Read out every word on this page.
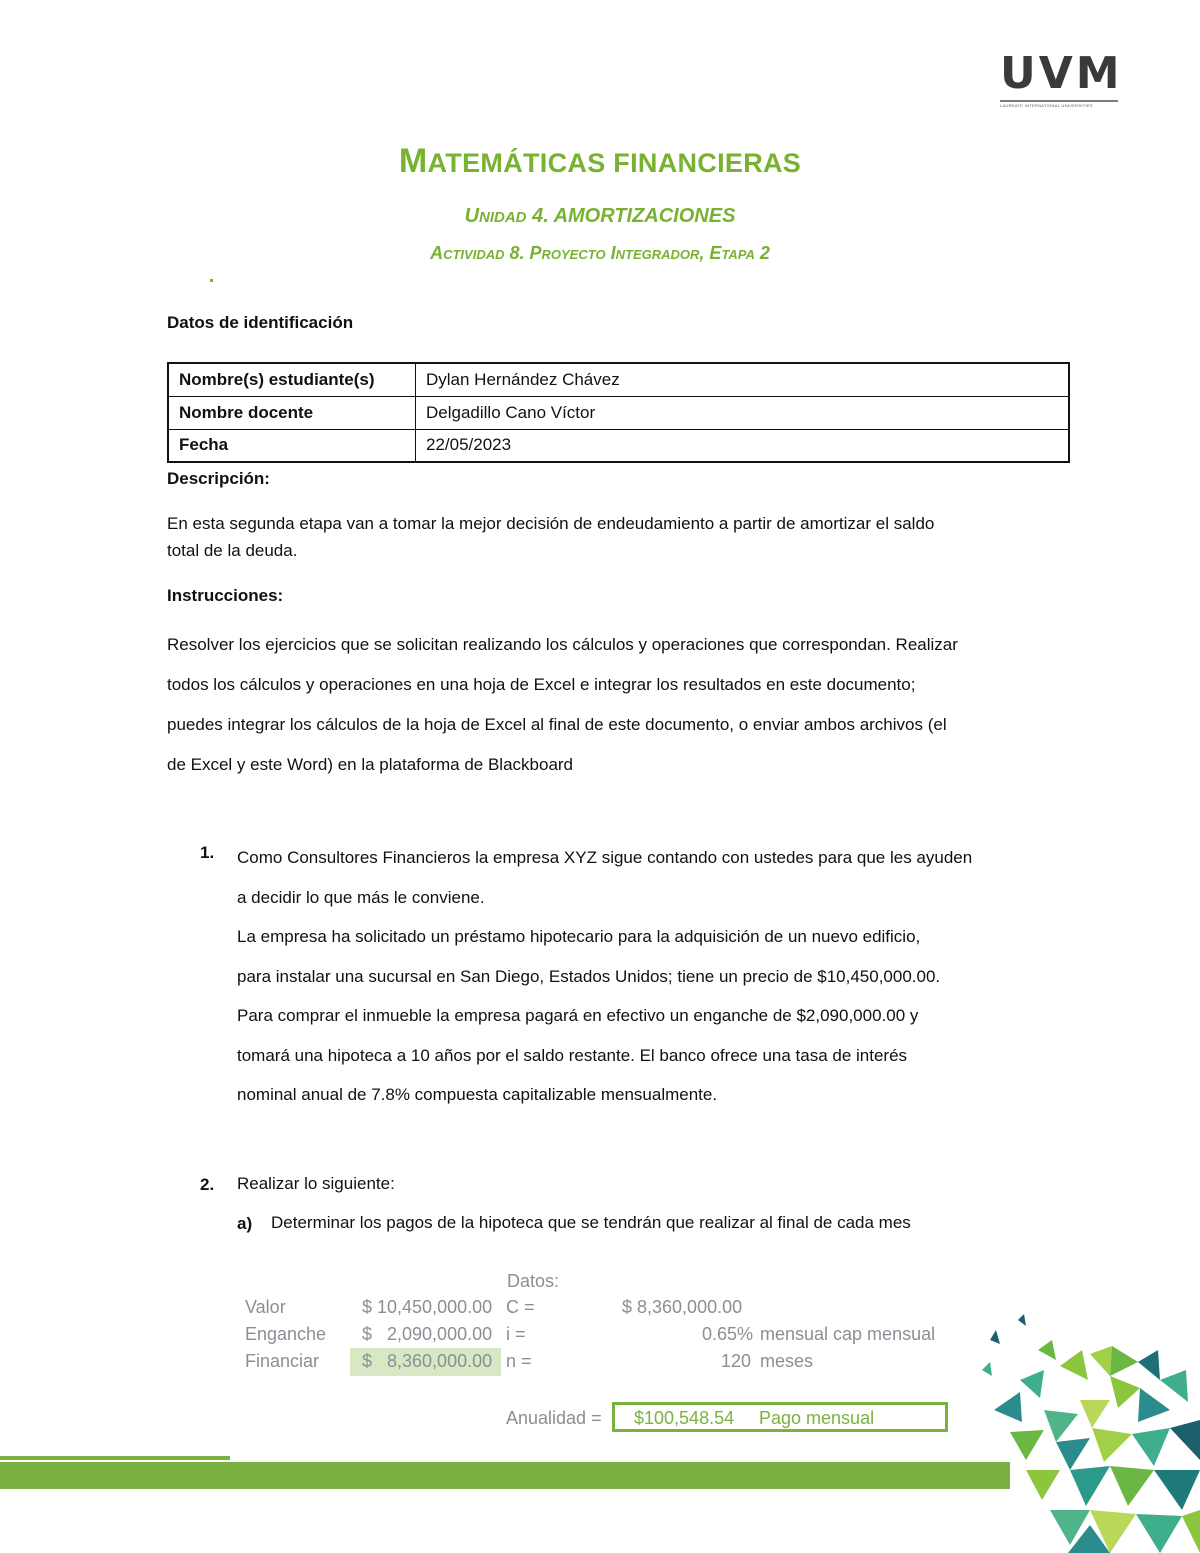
UVM
LAUREATE INTERNATIONAL UNIVERSITIES
MATEMÁTICAS FINANCIERAS
UNIDAD 4. AMORTIZACIONES
ACTIVIDAD 8. PROYECTO INTEGRADOR, ETAPA 2
Datos de identificación
Nombre(s) estudiante(s)	Dylan Hernández Chávez
Nombre docente	Delgadillo Cano Víctor
Fecha	22/05/2023
Descripción:
En esta segunda etapa van a tomar la mejor decisión de endeudamiento a partir de amortizar el saldo
total de la deuda.
Instrucciones:
Resolver los ejercicios que se solicitan realizando los cálculos y operaciones que correspondan. Realizar
todos los cálculos y operaciones en una hoja de Excel e integrar los resultados en este documento;
puedes integrar los cálculos de la hoja de Excel al final de este documento, o enviar ambos archivos (el
de Excel y este Word) en la plataforma de Blackboard
1. Como Consultores Financieros la empresa XYZ sigue contando con ustedes para que les ayuden
a decidir lo que más le conviene.
La empresa ha solicitado un préstamo hipotecario para la adquisición de un nuevo edificio,
para instalar una sucursal en San Diego, Estados Unidos; tiene un precio de $10,450,000.00.
Para comprar el inmueble la empresa pagará en efectivo un enganche de $2,090,000.00 y
tomará una hipoteca a 10 años por el saldo restante. El banco ofrece una tasa de interés
nominal anual de 7.8% compuesta capitalizable mensualmente.
2. Realizar lo siguiente:
a) Determinar los pagos de la hipoteca que se tendrán que realizar al final de cada mes
Datos:
Valor	$ 10,450,000.00 C =	$ 8,360,000.00
Enganche $   2,090,000.00 i =	0.65% mensual cap mensual
Financiar $   8,360,000.00 n =	120 meses
Anualidad = $100,548.54 Pago mensual
